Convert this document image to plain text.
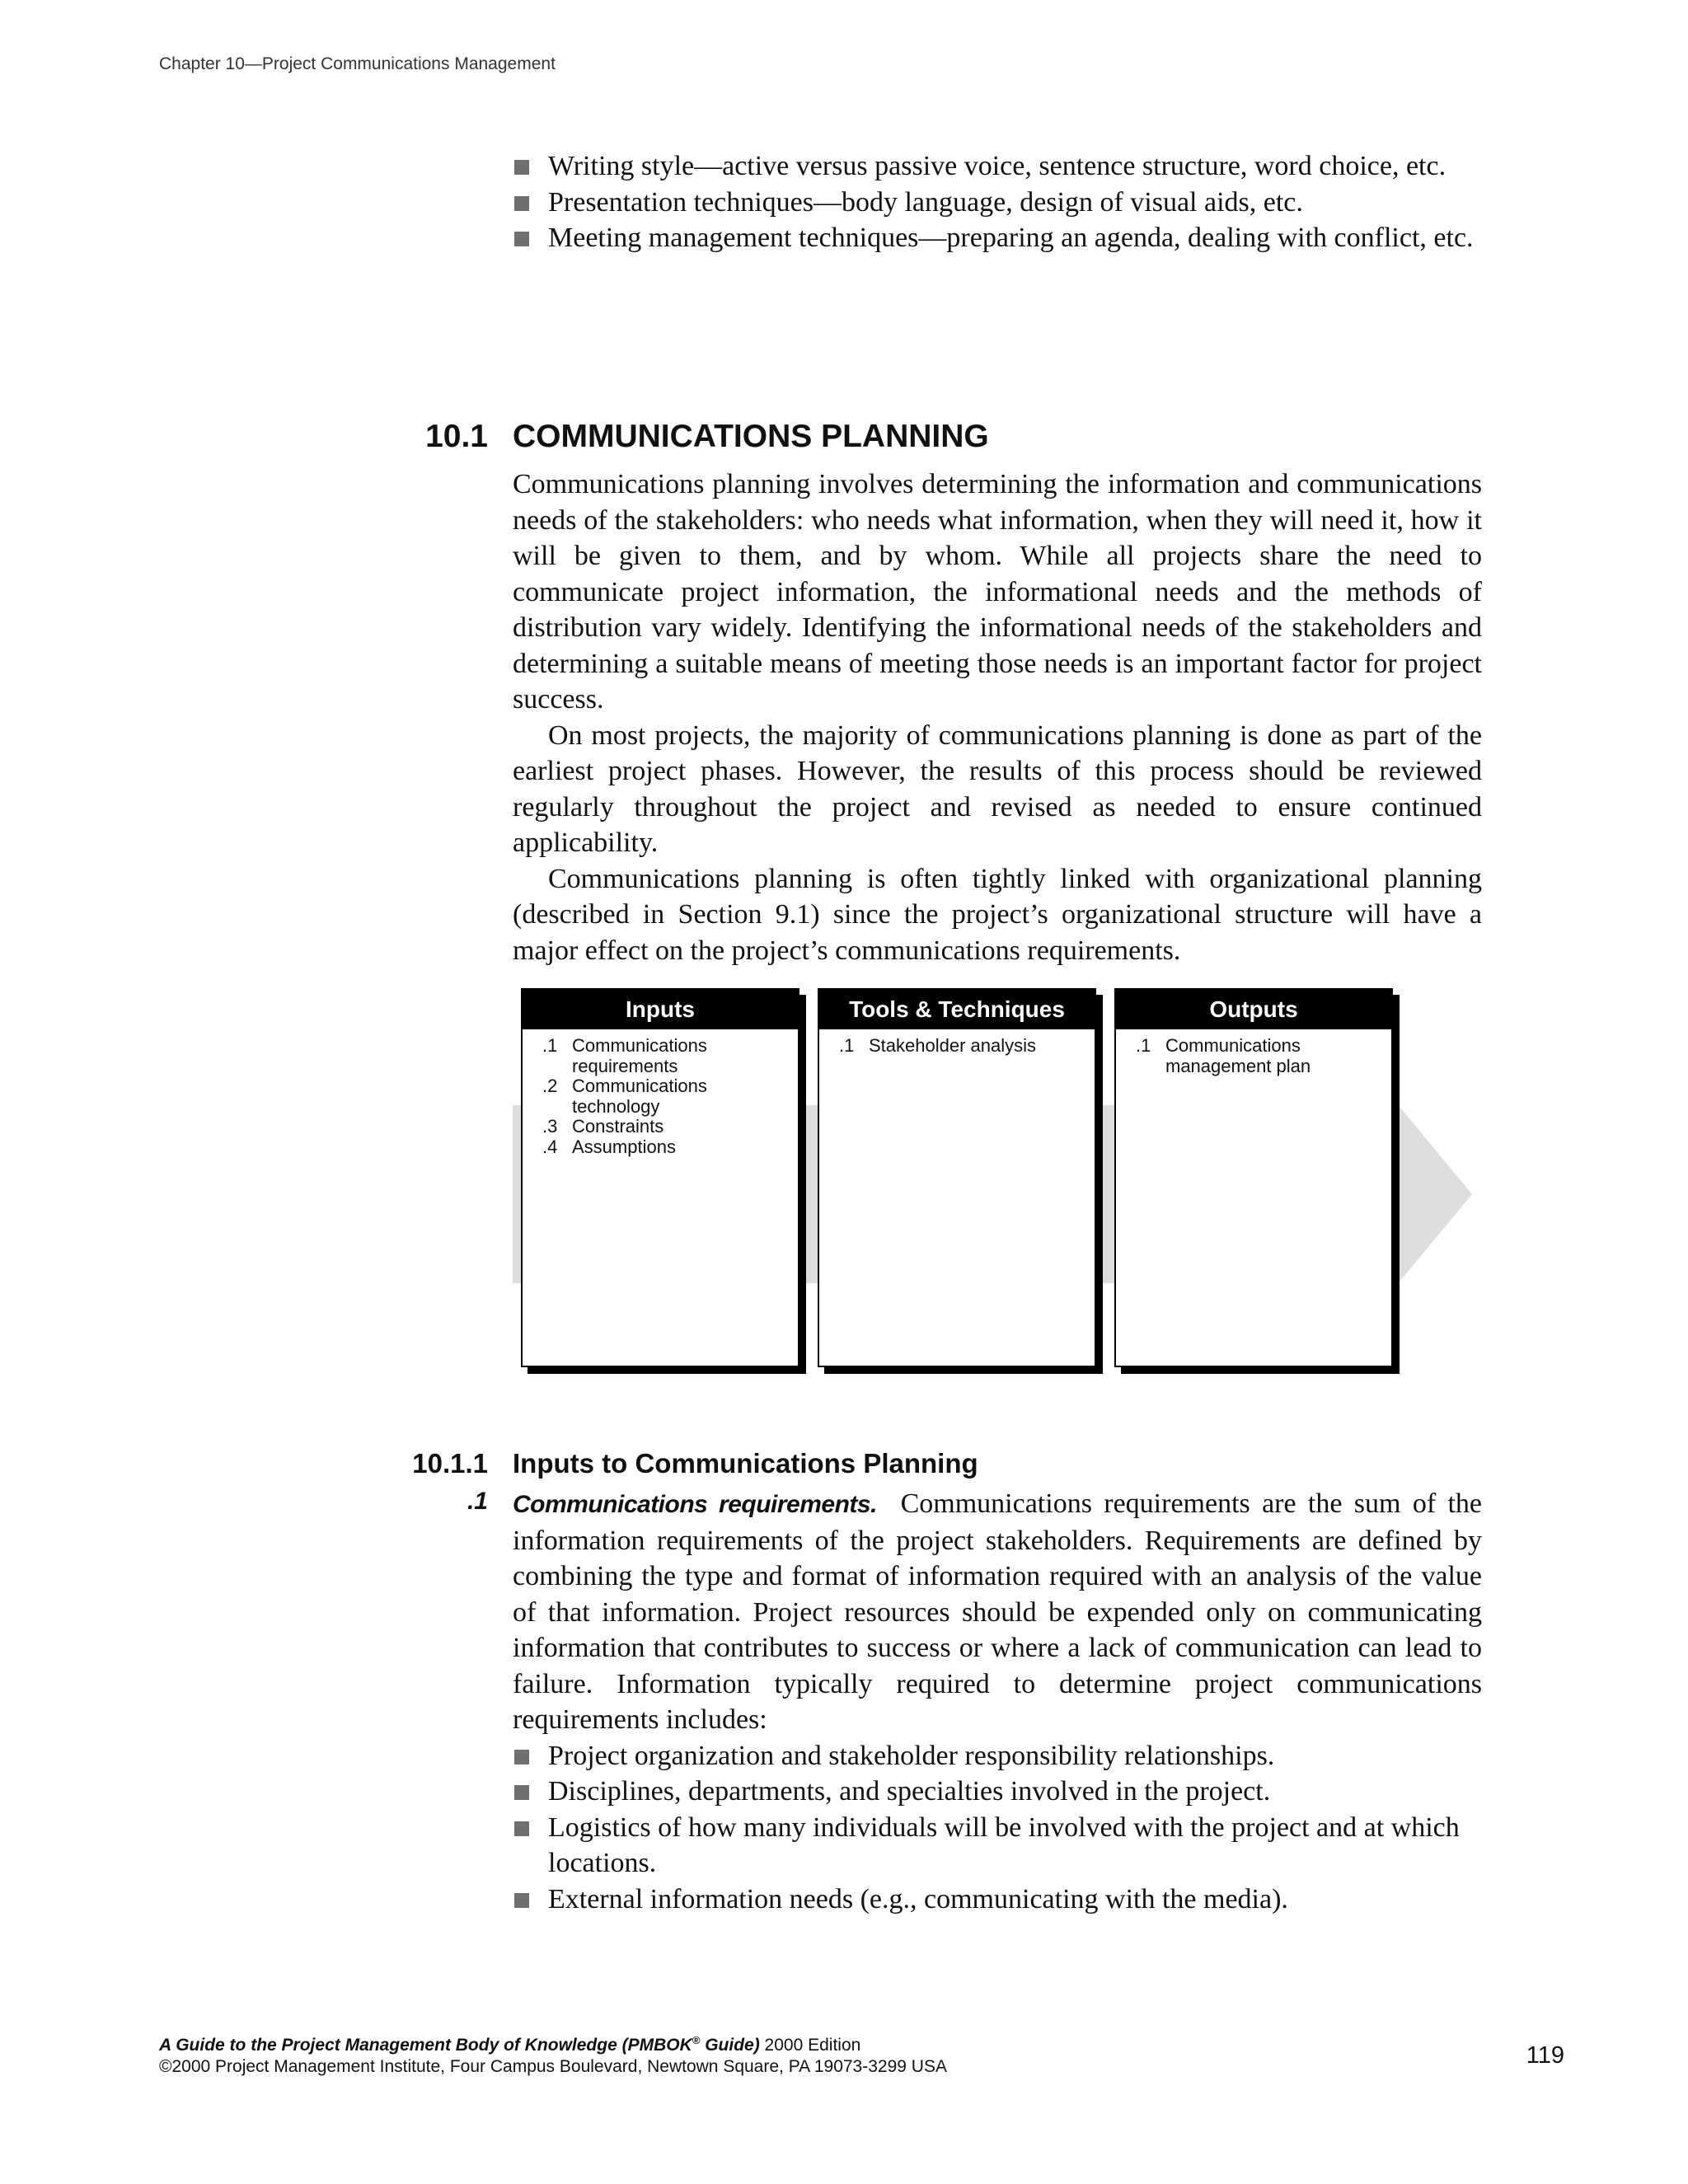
Chapter 10—Project Communications Management
Writing style—active versus passive voice, sentence structure, word choice, etc.
Presentation techniques—body language, design of visual aids, etc.
Meeting management techniques—preparing an agenda, dealing with conflict, etc.
10.1 COMMUNICATIONS PLANNING

Communications planning involves determining the information and communications needs of the stakeholders: who needs what information, when they will need it, how it will be given to them, and by whom. While all projects share the need to communicate project information, the informational needs and the methods of distribution vary widely. Identifying the informational needs of the stakeholders and determining a suitable means of meeting those needs is an important factor for project success.

On most projects, the majority of communications planning is done as part of the earliest project phases. However, the results of this process should be reviewed regularly throughout the project and revised as needed to ensure continued applicability.

Communications planning is often tightly linked with organizational planning (described in Section 9.1) since the project’s organizational structure will have a major effect on the project’s communications requirements.

Inputs
.1 Communications
requirements
.2 Communications
technology
.3 Constraints
.4 Assumptions
Tools & Techniques
.1 Stakeholder analysis
Outputs
.1 Communications
management plan
10.1.1 Inputs to Communications Planning
.1 Communications requirements. Communications requirements are the sum of the information requirements of the project stakeholders. Requirements are defined by combining the type and format of information required with an analysis of the value of that information. Project resources should be expended only on communicating information that contributes to success or where a lack of communication can lead to failure. Information typically required to determine project communications requirements includes:

Project organization and stakeholder responsibility relationships.
Disciplines, departments, and specialties involved in the project.
Logistics of how many individuals will be involved with the project and at which locations.
External information needs (e.g., communicating with the media).
A Guide to the Project Management Body of Knowledge (PMBOK® Guide) 2000 Edition
©2000 Project Management Institute, Four Campus Boulevard, Newtown Square, PA 19073-3299 USA	119
